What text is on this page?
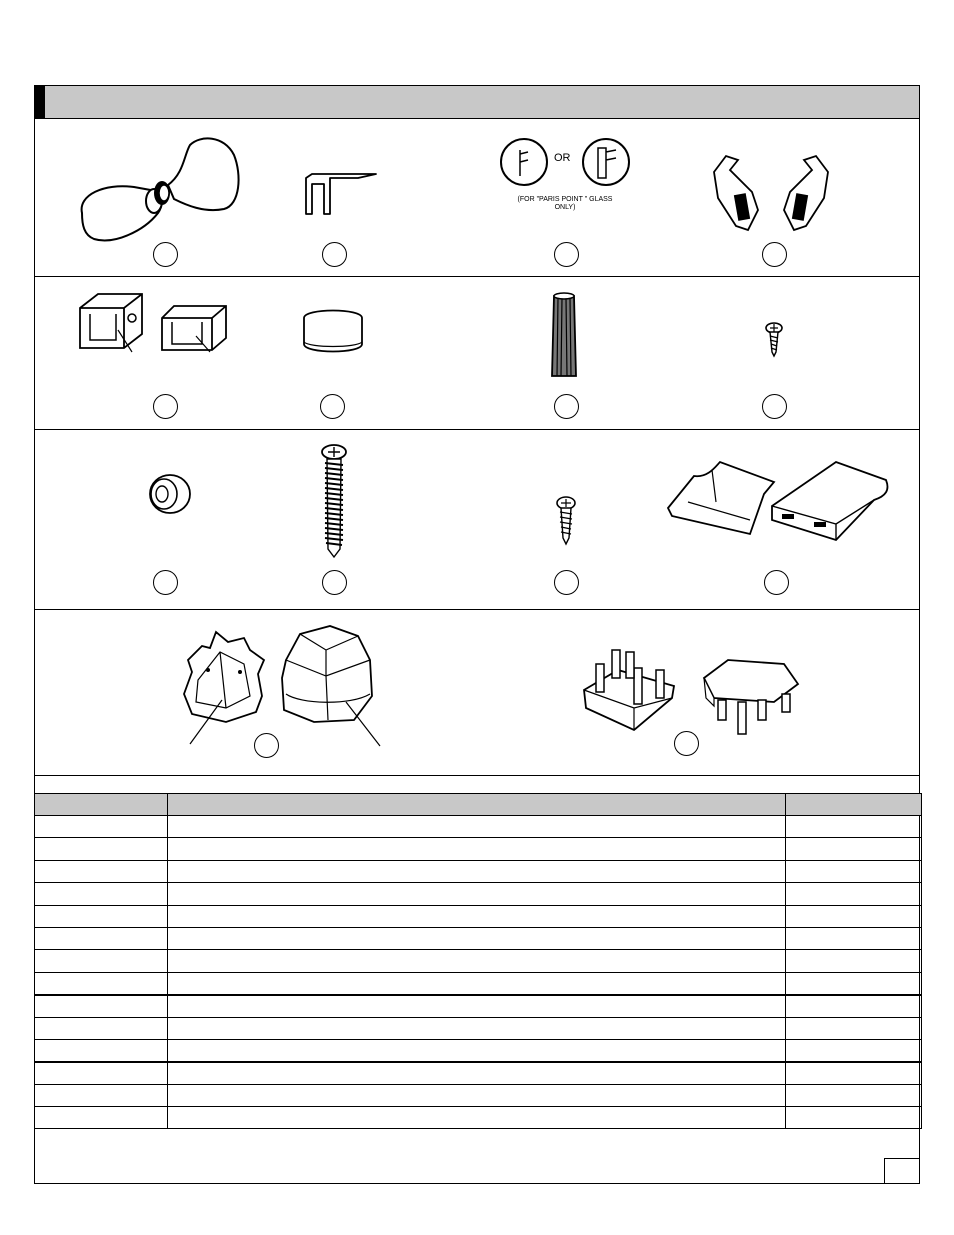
OR
(FOR "PARIS POINT " GLASS ONLY)
